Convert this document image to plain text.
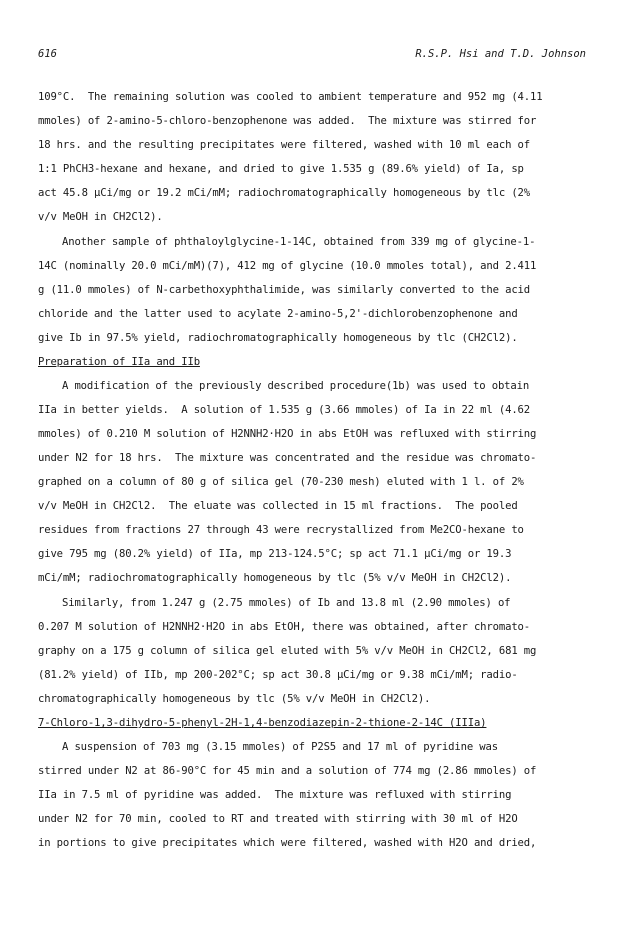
616	R.S.P. Hsi and T.D. Johnson
109°C.  The remaining solution was cooled to ambient temperature and 952 mg (4.11
mmoles) of 2-amino-5-chloro-benzophenone was added.  The mixture was stirred for
18 hrs. and the resulting precipitates were filtered, washed with 10 ml each of
1:1 PhCH3-hexane and hexane, and dried to give 1.535 g (89.6% yield) of Ia, sp
act 45.8 µCi/mg or 19.2 mCi/mM; radiochromatographically homogeneous by tlc (2%
v/v MeOH in CH2Cl2).
Another sample of phthaloylglycine-1-14C, obtained from 339 mg of glycine-1-
14C (nominally 20.0 mCi/mM)(7), 412 mg of glycine (10.0 mmoles total), and 2.411
g (11.0 mmoles) of N-carbethoxyphthalimide, was similarly converted to the acid
chloride and the latter used to acylate 2-amino-5,2'-dichlorobenzophenone and
give Ib in 97.5% yield, radiochromatographically homogeneous by tlc (CH2Cl2).
Preparation of IIa and IIb
A modification of the previously described procedure(1b) was used to obtain
IIa in better yields.  A solution of 1.535 g (3.66 mmoles) of Ia in 22 ml (4.62
mmoles) of 0.210 M solution of H2NNH2·H2O in abs EtOH was refluxed with stirring
under N2 for 18 hrs.  The mixture was concentrated and the residue was chromato-
graphed on a column of 80 g of silica gel (70-230 mesh) eluted with 1 l. of 2%
v/v MeOH in CH2Cl2.  The eluate was collected in 15 ml fractions.  The pooled
residues from fractions 27 through 43 were recrystallized from Me2CO-hexane to
give 795 mg (80.2% yield) of IIa, mp 213-124.5°C; sp act 71.1 µCi/mg or 19.3
mCi/mM; radiochromatographically homogeneous by tlc (5% v/v MeOH in CH2Cl2).
Similarly, from 1.247 g (2.75 mmoles) of Ib and 13.8 ml (2.90 mmoles) of
0.207 M solution of H2NNH2·H2O in abs EtOH, there was obtained, after chromato-
graphy on a 175 g column of silica gel eluted with 5% v/v MeOH in CH2Cl2, 681 mg
(81.2% yield) of IIb, mp 200-202°C; sp act 30.8 µCi/mg or 9.38 mCi/mM; radio-
chromatographically homogeneous by tlc (5% v/v MeOH in CH2Cl2).
7-Chloro-1,3-dihydro-5-phenyl-2H-1,4-benzodiazepin-2-thione-2-14C (IIIa)
A suspension of 703 mg (3.15 mmoles) of P2S5 and 17 ml of pyridine was
stirred under N2 at 86-90°C for 45 min and a solution of 774 mg (2.86 mmoles) of
IIa in 7.5 ml of pyridine was added.  The mixture was refluxed with stirring
under N2 for 70 min, cooled to RT and treated with stirring with 30 ml of H2O
in portions to give precipitates which were filtered, washed with H2O and dried,
